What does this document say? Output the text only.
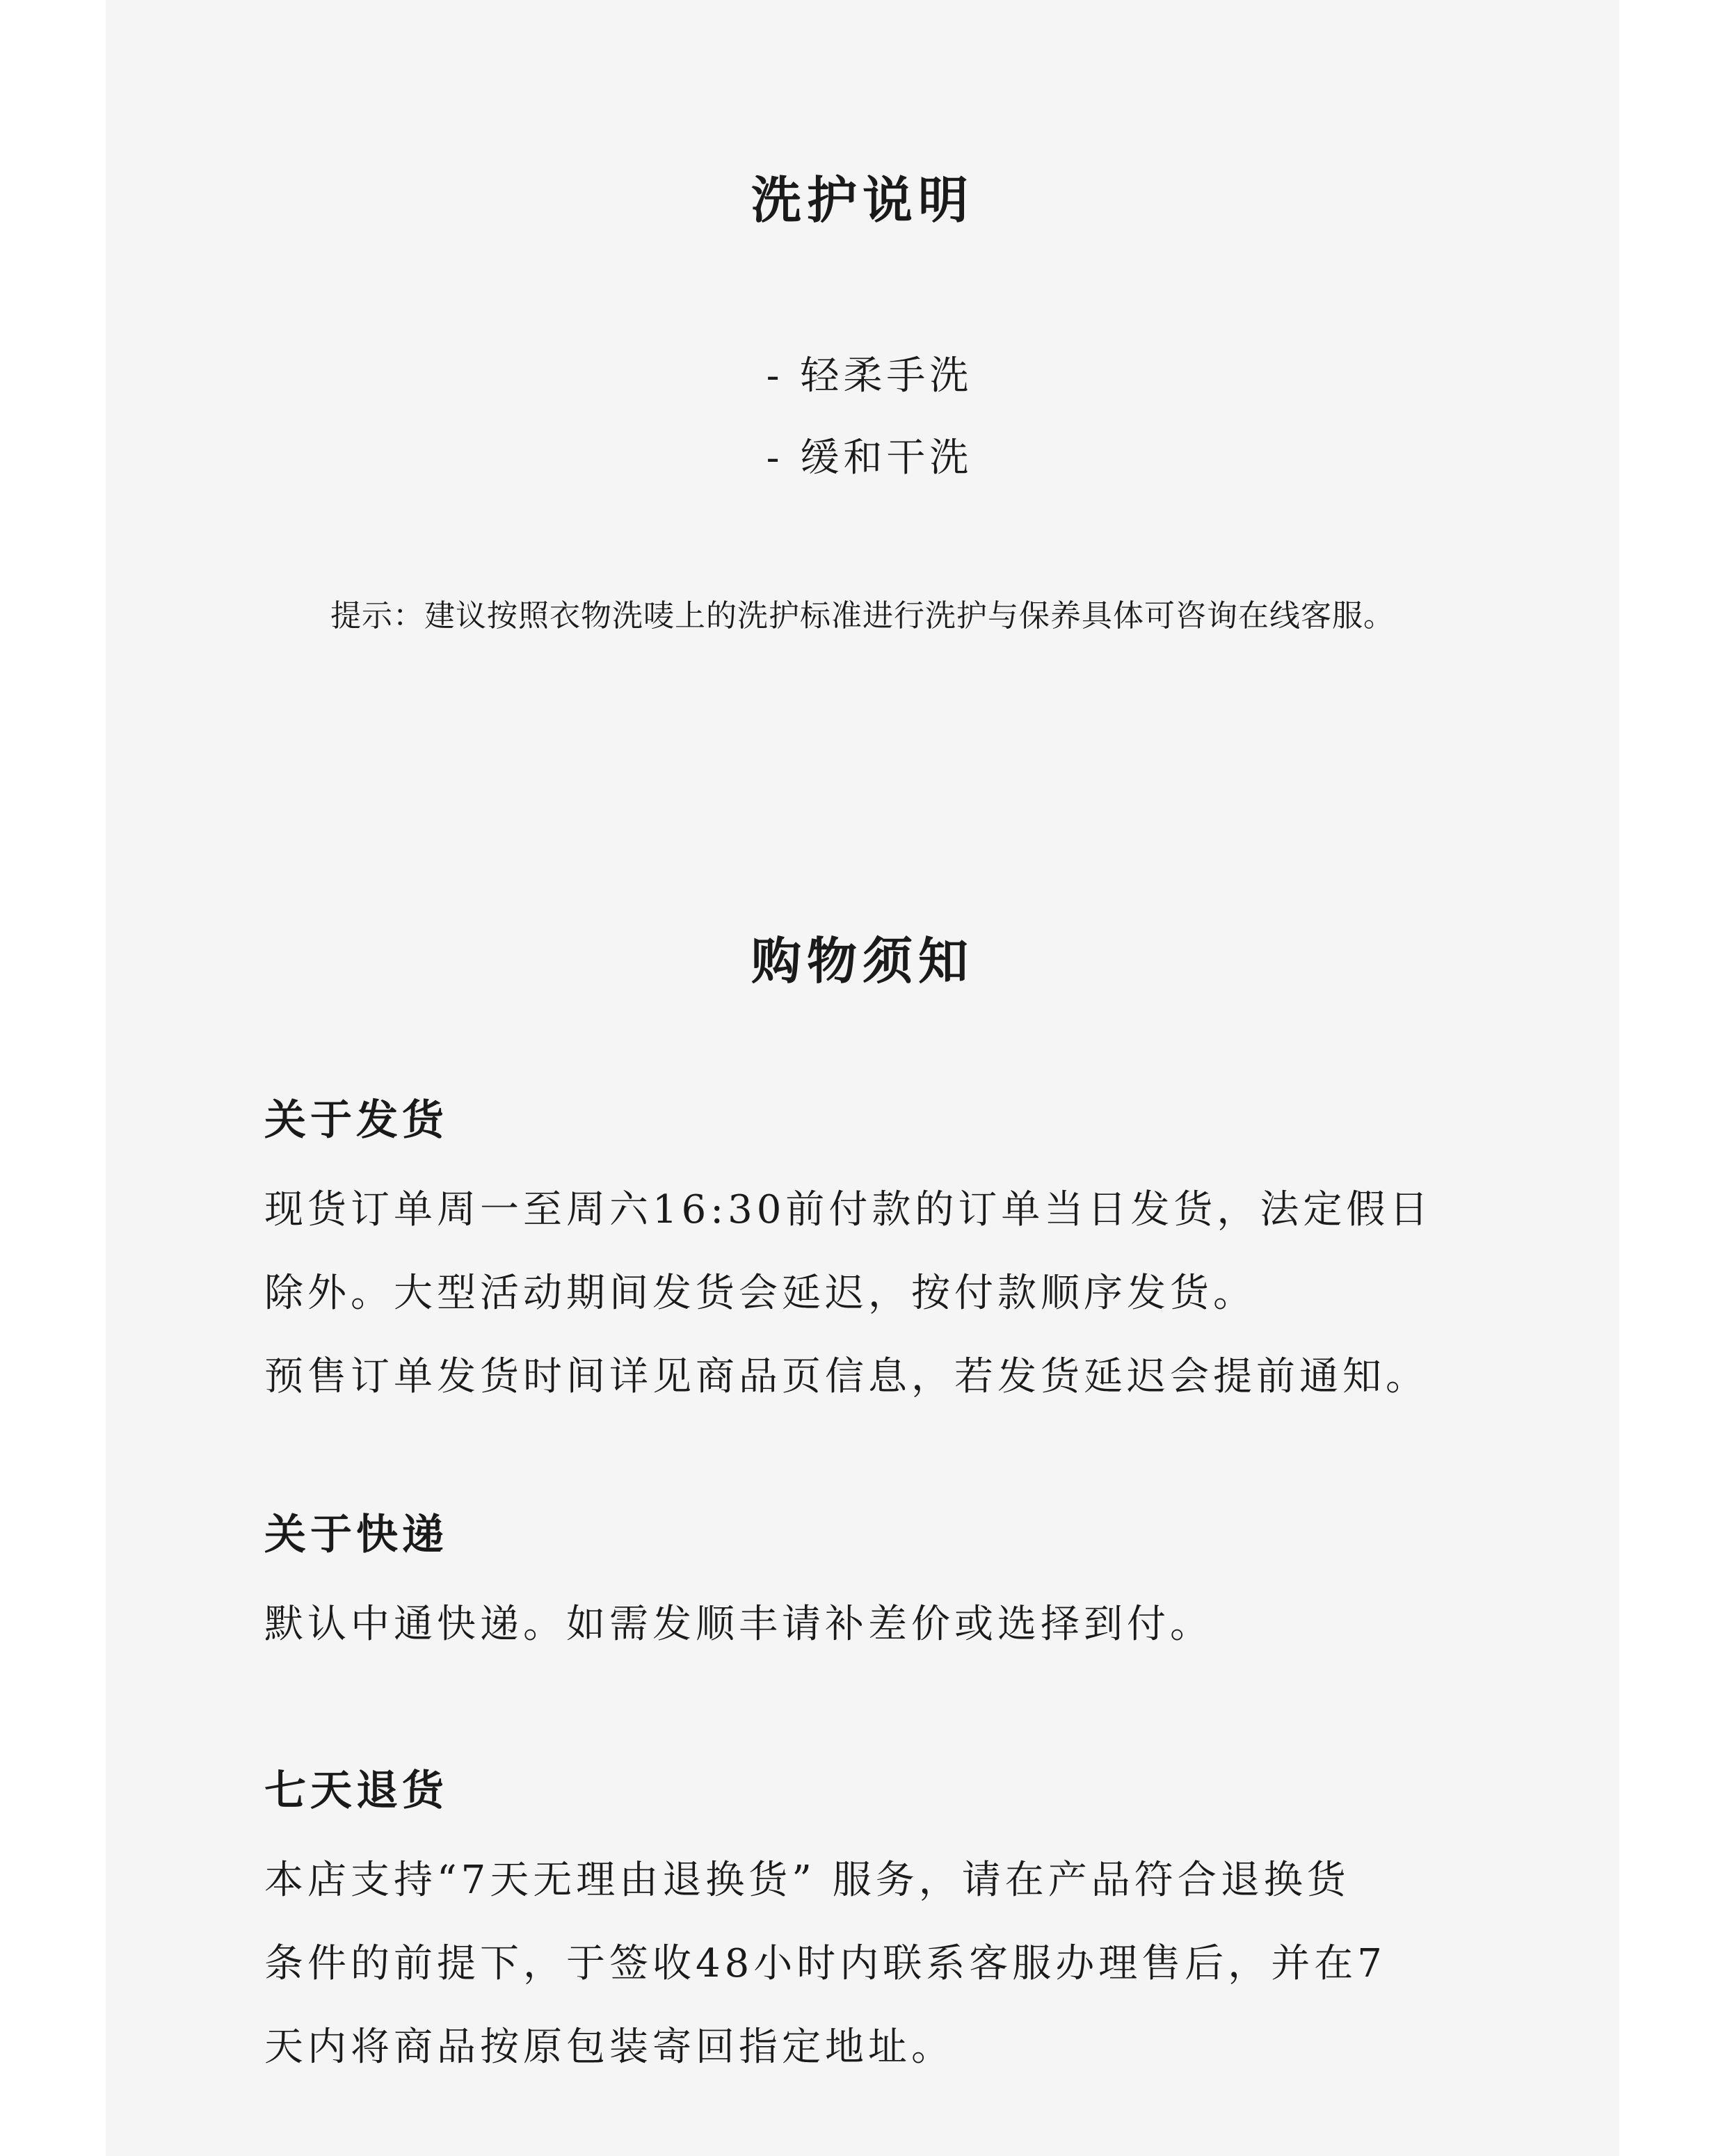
洗护说明
- 轻柔手洗
- 缓和干洗
提示：建议按照衣物洗唛上的洗护标准进行洗护与保养具体可咨询在线客服。
购物须知
关于发货

现货订单周一至周六16:30前付款的订单当日发货，法定假日

除外。大型活动期间发货会延迟，按付款顺序发货。

预售订单发货时间详见商品页信息，若发货延迟会提前通知。

关于快递

默认中通快递。如需发顺丰请补差价或选择到付。

七天退货

本店支持“7天无理由退换货” 服务，请在产品符合退换货

条件的前提下，于签收48小时内联系客服办理售后，并在7

天内将商品按原包装寄回指定地址。
